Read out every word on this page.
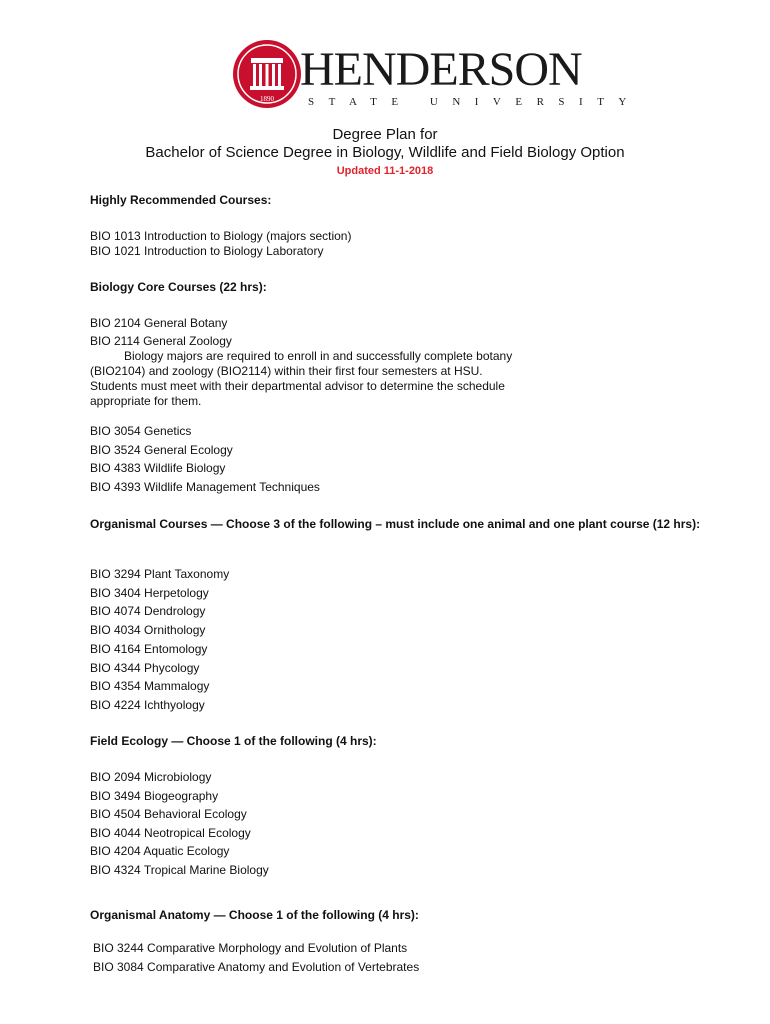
1890
HENDERSON
STATE UNIVERSITY
Degree Plan for
Bachelor of Science Degree in Biology, Wildlife and Field Biology Option
Updated 11-1-2018
Highly Recommended Courses:
BIO 1013 Introduction to Biology (majors section)
BIO 1021 Introduction to Biology Laboratory
Biology Core Courses (22 hrs):
BIO 2104 General Botany
BIO 2114 General Zoology
Biology majors are required to enroll in and successfully complete botany
(BIO2104) and zoology (BIO2114) within their first four semesters at HSU.
Students must meet with their departmental advisor to determine the schedule
appropriate for them.
BIO 3054 Genetics
BIO 3524 General Ecology
BIO 4383 Wildlife Biology
BIO 4393 Wildlife Management Techniques
Organismal Courses — Choose 3 of the following – must include one animal and one plant course (12 hrs):
BIO 3294 Plant Taxonomy
BIO 3404 Herpetology
BIO 4074 Dendrology
BIO 4034 Ornithology
BIO 4164 Entomology
BIO 4344 Phycology
BIO 4354 Mammalogy
BIO 4224 Ichthyology
Field Ecology — Choose 1 of the following (4 hrs):
BIO 2094 Microbiology
BIO 3494 Biogeography
BIO 4504 Behavioral Ecology
BIO 4044 Neotropical Ecology
BIO 4204 Aquatic Ecology
BIO 4324 Tropical Marine Biology
Organismal Anatomy — Choose 1 of the following (4 hrs):
BIO 3244 Comparative Morphology and Evolution of Plants
BIO 3084 Comparative Anatomy and Evolution of Vertebrates
